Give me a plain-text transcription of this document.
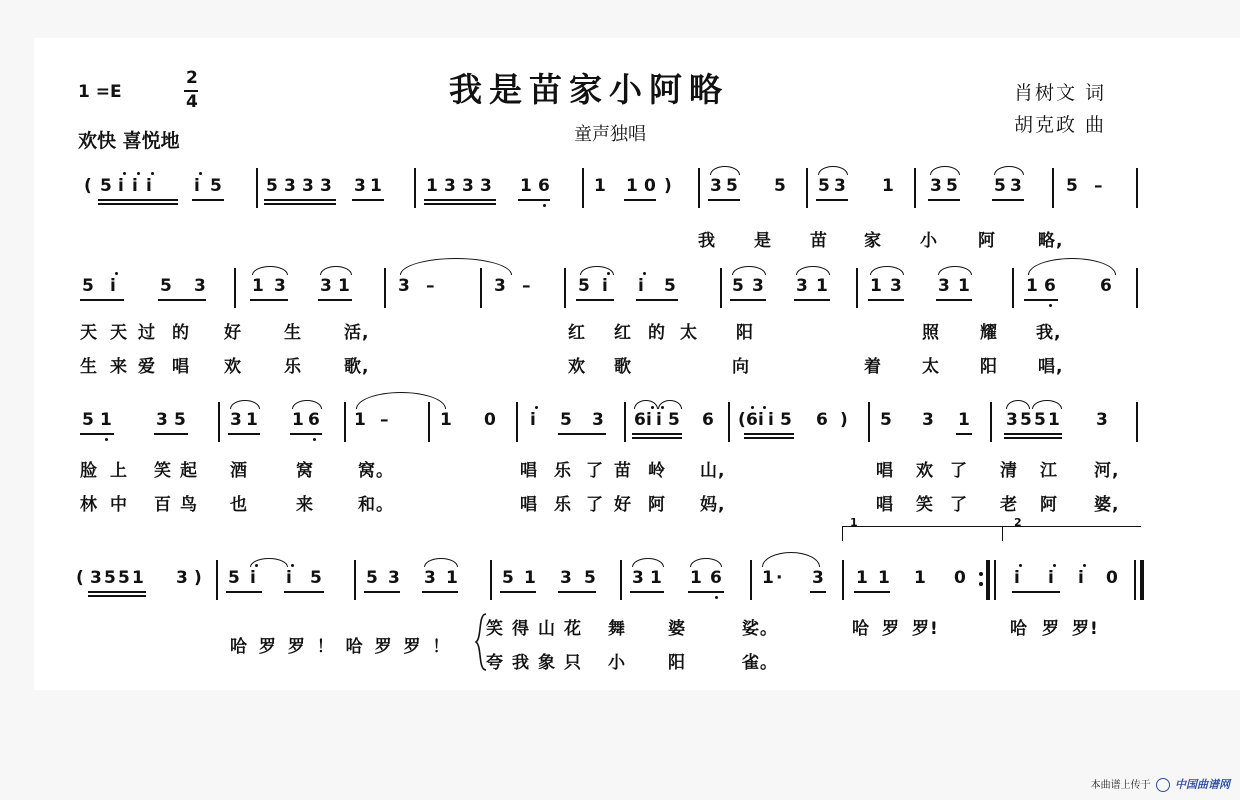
1 =E
2
4
欢快 喜悦地
我是苗家小阿略
童声独唱
肖树文 词
胡克政 曲
( 5 i i i i 5	5 3 3 3 3 1	1 3 3 3 1 6	1 1 0 ) 3 5 5 5 3 1 3 5 5 3	5 –
我 是 苗 家 小 阿 略,
5 i	5 3	1 3 3 1	3 –	3 –	5 i i 5	5 3 3 1 1 3 3 1	1 6	6
天 天 过 的 好 生 活,	红 红 的 太 阳	照 耀 我,
生 来 爱 唱 欢 乐 歌,	欢 歌	向	着 太 阳 唱,
5 1	3 5	3 1 1 6 1 –	1 0 i 5 3 6 i i 5 6 ( 6 i i 5 6 ) 5 3 1 3 5 5 1 3
脸 上 笑 起 酒	窝	窝。	唱 乐 了 苗 岭 山,	唱 欢 了 清 江 河,
林 中 百 鸟 也	来	和。	唱 乐 了 好 阿 妈,	唱 笑 了 老 阿 婆,
1	2
( 3 5 5 1 3 ) 5 i i 5	5 3 3 1	5 1 3 5 3 1 1 6 1 · 3 1 1 1 0	i i i 0
哈 罗 罗 ！ 哈 罗 罗 ！
笑 得 山 花 舞 婆	娑。	哈 罗 罗!	哈 罗 罗!
夸 我 象 只 小 阳	雀。
本曲谱上传于 中国曲谱网
